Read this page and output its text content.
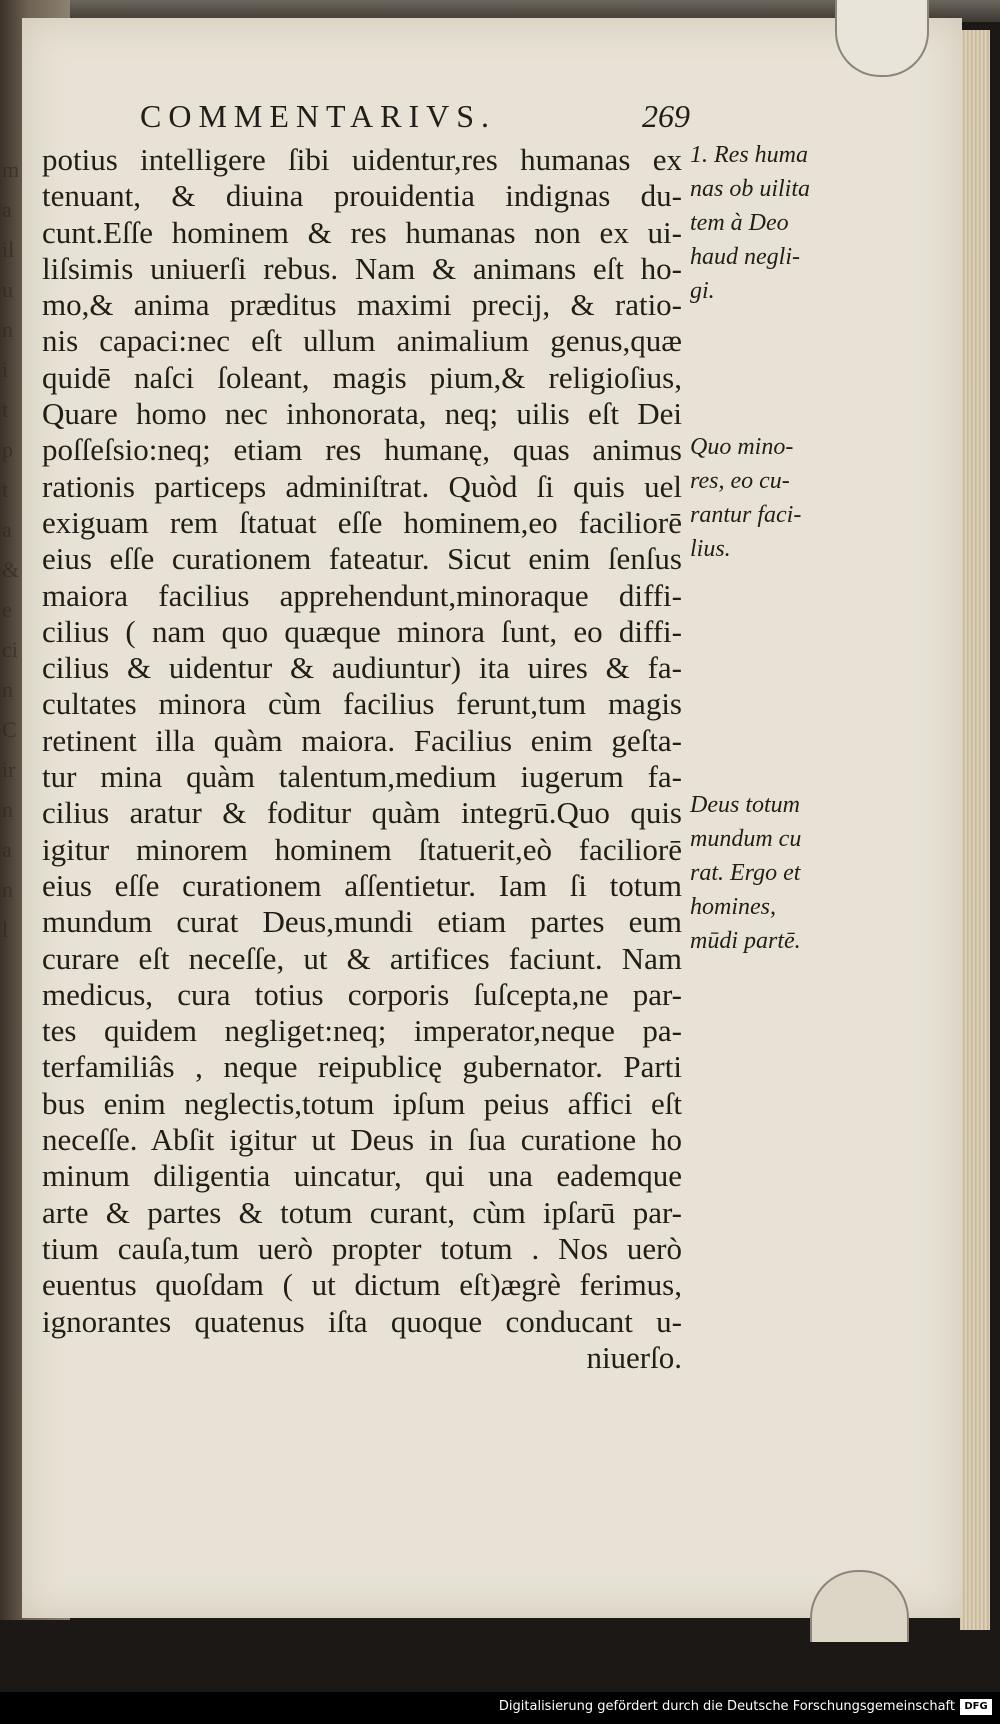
m
a
il
u
n
i
t
p
t
a
&
e
ci
n
C
ir
n
a
n
l
COMMENTARIVS.	269
potius intelligere ſibi uidentur,res humanas ex
tenuant, & diuina prouidentia indignas du-
cunt.Eſſe hominem & res humanas non ex ui-
liſsimis uniuerſi rebus. Nam & animans eſt ho-
mo,& anima præditus maximi precij, & ratio-
nis capaci:nec eſt ullum animalium genus,quæ
quidē naſci ſoleant, magis pium,& religioſius,
Quare homo nec inhonorata, neq; uilis eſt Dei
poſſeſsio:neq; etiam res humanę, quas animus
rationis particeps adminiſtrat. Quòd ſi quis uel
exiguam rem ſtatuat eſſe hominem,eo faciliorē
eius eſſe curationem fateatur. Sicut enim ſenſus
maiora facilius apprehendunt,minoraque diffi-
cilius ( nam quo quæque minora ſunt, eo diffi-
cilius & uidentur & audiuntur) ita uires & fa-
cultates minora cùm facilius ferunt,tum magis
retinent illa quàm maiora. Facilius enim geſta-
tur mina quàm talentum,medium iugerum fa-
cilius aratur & foditur quàm integrū.Quo quis
igitur minorem hominem ſtatuerit,eò faciliorē
eius eſſe curationem aſſentietur. Iam ſi totum
mundum curat Deus,mundi etiam partes eum
curare eſt neceſſe, ut & artifices faciunt. Nam
medicus, cura totius corporis ſuſcepta,ne par-
tes quidem negliget:neq; imperator,neque pa-
terfamiliâs , neque reipublicę gubernator. Parti
bus enim neglectis,totum ipſum peius affici eſt
neceſſe. Abſit igitur ut Deus in ſua curatione ho
minum diligentia uincatur, qui una eademque
arte & partes & totum curant, cùm ipſarū par-
tium cauſa,tum uerò propter totum . Nos uerò
euentus quoſdam ( ut dictum eſt)ægrè ferimus,
ignorantes quatenus iſta quoque conducant u-
niuerſo.
1. Res huma
nas ob uilita
tem à Deo
haud negli-
gi.
Quo mino-
res, eo cu-
rantur faci-
lius.
Deus totum
mundum cu
rat. Ergo et
homines,
mūdi partē.
Digitalisierung gefördert durch die Deutsche Forschungsgemeinschaft DFG
